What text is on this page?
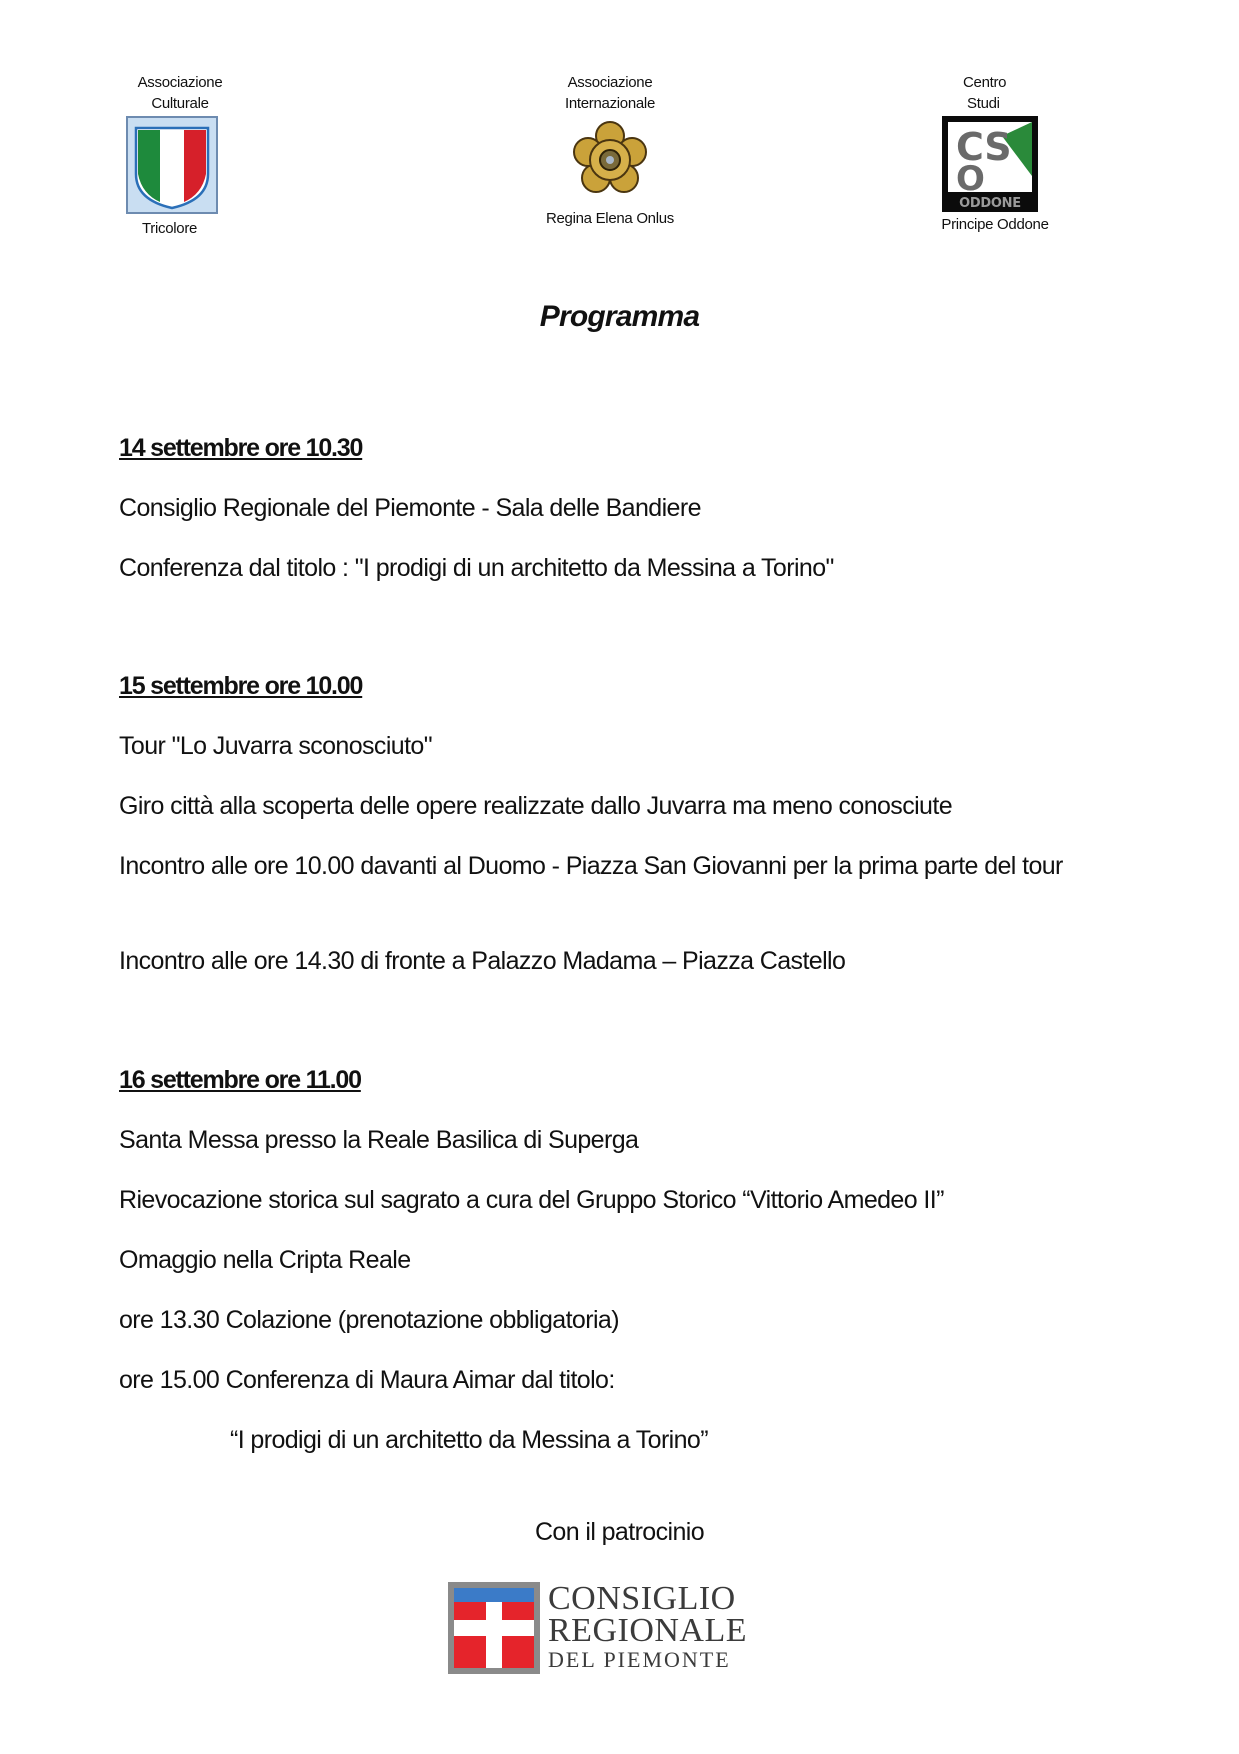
Associazione
Culturale
Tricolore
Associazione
Internazionale
Regina Elena Onlus
Centro
Studi
CS
O
ODDONE
Principe Oddone
Programma
14 settembre ore 10.30
Consiglio Regionale del Piemonte - Sala delle Bandiere
Conferenza dal titolo : "I prodigi di un architetto da Messina a Torino"
15 settembre ore 10.00
Tour "Lo Juvarra sconosciuto"
Giro città alla scoperta delle opere realizzate dallo Juvarra ma meno conosciute
Incontro alle ore 10.00 davanti al Duomo - Piazza San Giovanni per la prima parte del tour
Incontro alle ore 14.30 di fronte a Palazzo Madama – Piazza Castello
16 settembre ore 11.00
Santa Messa presso la Reale Basilica di Superga
Rievocazione storica sul sagrato a cura del Gruppo Storico “Vittorio Amedeo II”
Omaggio nella Cripta Reale
ore 13.30 Colazione (prenotazione obbligatoria)
ore 15.00 Conferenza di Maura Aimar dal titolo:
“I prodigi di un architetto da Messina a Torino”
Con il patrocinio
CONSIGLIO
REGIONALE
DEL PIEMONTE
